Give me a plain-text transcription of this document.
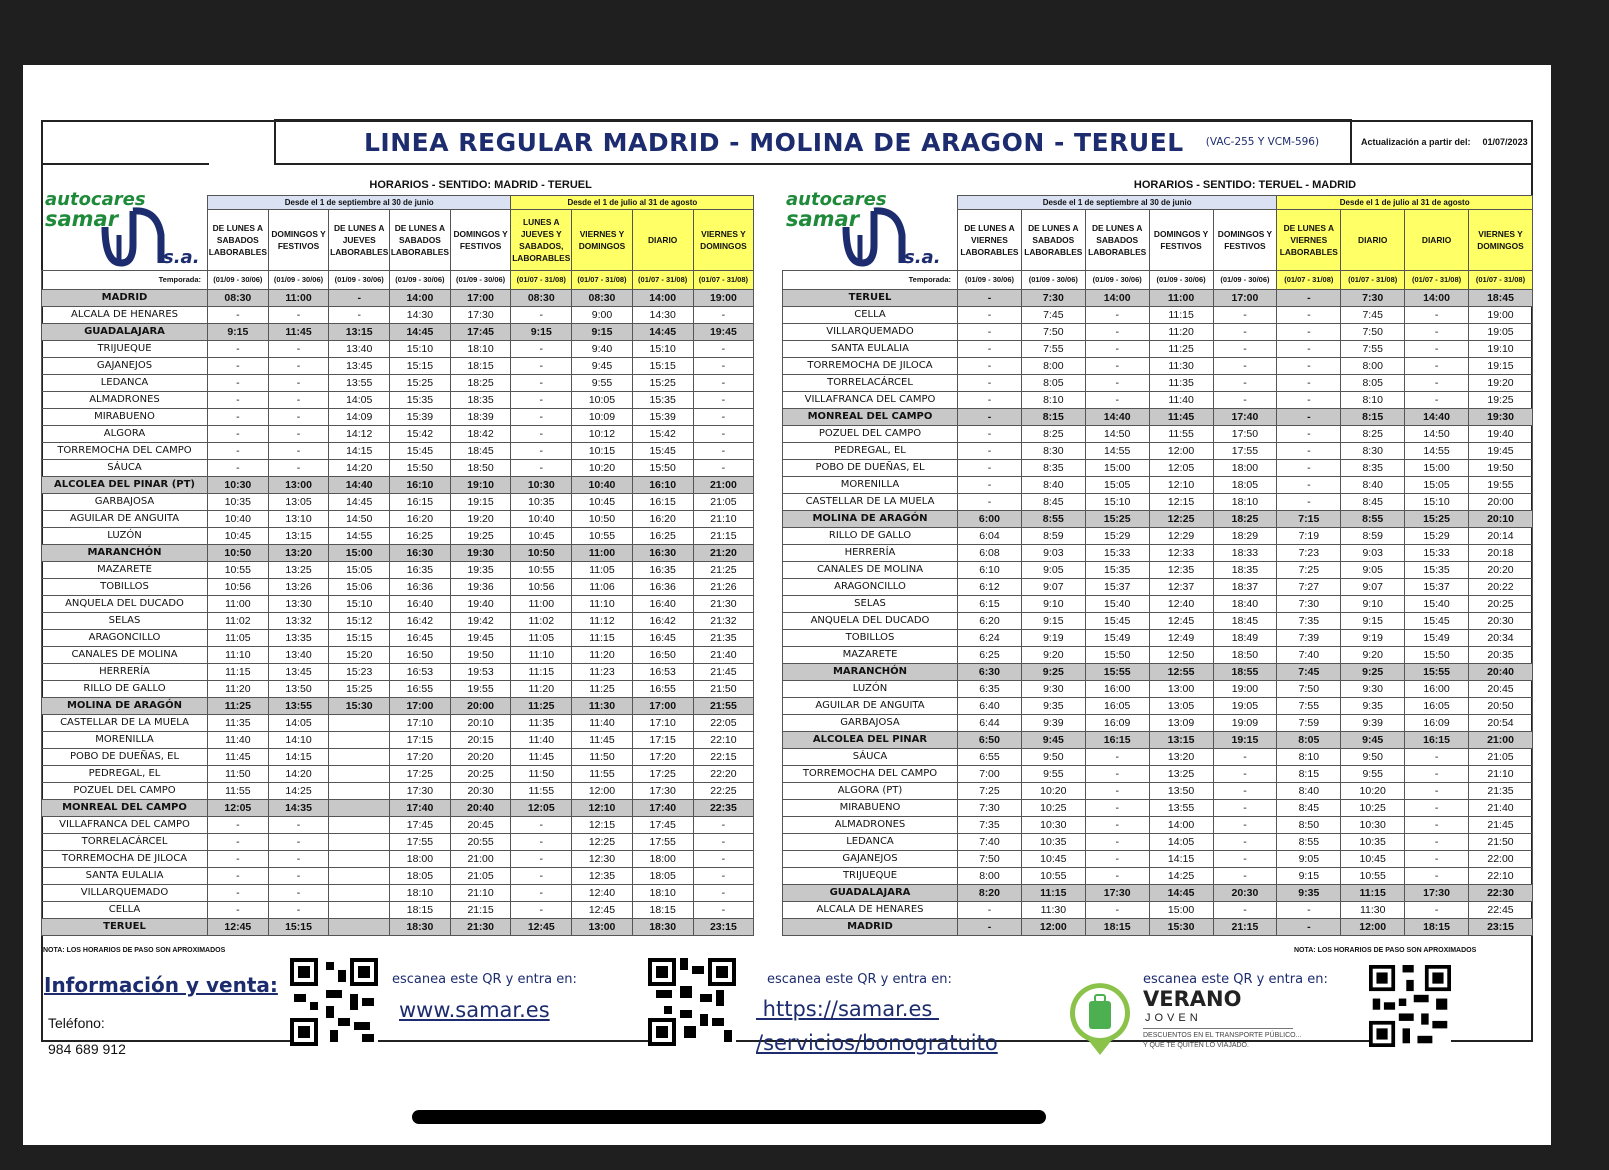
LINEA REGULAR MADRID - MOLINA DE ARAGON - TERUEL (VAC-255 Y VCM-596)	Actualización a partir del: 01/07/2023
autocares
samar
s.a.
autocares
samar
s.a.
	HORARIOS - SENTIDO: MADRID - TERUEL								
	Desde el 1 de septiembre al 30 de junio					Desde el 1 de julio al 31 de agosto			
	DE LUNES A SABADOS LABORABLES	DOMINGOS Y FESTIVOS	DE LUNES A JUEVES LABORABLES	DE LUNES A SABADOS LABORABLES	DOMINGOS Y FESTIVOS	LUNES A JUEVES Y SABADOS, LABORABLES	VIERNES Y DOMINGOS	DIARIO	VIERNES Y DOMINGOS
Temporada:	(01/09 - 30/06)	(01/09 - 30/06)	(01/09 - 30/06)	(01/09 - 30/06)	(01/09 - 30/06)	(01/07 - 31/08)	(01/07 - 31/08)	(01/07 - 31/08)	(01/07 - 31/08)
MADRID	08:30	11:00	-	14:00	17:00	08:30	08:30	14:00	19:00
ALCALA DE HENARES	-	-	-	14:30	17:30	-	9:00	14:30	-
GUADALAJARA	9:15	11:45	13:15	14:45	17:45	9:15	9:15	14:45	19:45
TRIJUEQUE	-	-	13:40	15:10	18:10	-	9:40	15:10	-
GAJANEJOS	-	-	13:45	15:15	18:15	-	9:45	15:15	-
LEDANCA	-	-	13:55	15:25	18:25	-	9:55	15:25	-
ALMADRONES	-	-	14:05	15:35	18:35	-	10:05	15:35	-
MIRABUENO	-	-	14:09	15:39	18:39	-	10:09	15:39	-
ALGORA	-	-	14:12	15:42	18:42	-	10:12	15:42	-
TORREMOCHA DEL CAMPO	-	-	14:15	15:45	18:45	-	10:15	15:45	-
SÁUCA	-	-	14:20	15:50	18:50	-	10:20	15:50	-
ALCOLEA DEL PINAR (PT)	10:30	13:00	14:40	16:10	19:10	10:30	10:40	16:10	21:00
GARBAJOSA	10:35	13:05	14:45	16:15	19:15	10:35	10:45	16:15	21:05
AGUILAR DE ANGUITA	10:40	13:10	14:50	16:20	19:20	10:40	10:50	16:20	21:10
LUZÓN	10:45	13:15	14:55	16:25	19:25	10:45	10:55	16:25	21:15
MARANCHÓN	10:50	13:20	15:00	16:30	19:30	10:50	11:00	16:30	21:20
MAZARETE	10:55	13:25	15:05	16:35	19:35	10:55	11:05	16:35	21:25
TOBILLOS	10:56	13:26	15:06	16:36	19:36	10:56	11:06	16:36	21:26
ANQUELA DEL DUCADO	11:00	13:30	15:10	16:40	19:40	11:00	11:10	16:40	21:30
SELAS	11:02	13:32	15:12	16:42	19:42	11:02	11:12	16:42	21:32
ARAGONCILLO	11:05	13:35	15:15	16:45	19:45	11:05	11:15	16:45	21:35
CANALES DE MOLINA	11:10	13:40	15:20	16:50	19:50	11:10	11:20	16:50	21:40
HERRERÍA	11:15	13:45	15:23	16:53	19:53	11:15	11:23	16:53	21:45
RILLO DE GALLO	11:20	13:50	15:25	16:55	19:55	11:20	11:25	16:55	21:50
MOLINA DE ARAGÓN	11:25	13:55	15:30	17:00	20:00	11:25	11:30	17:00	21:55
CASTELLAR DE LA MUELA	11:35	14:05		17:10	20:10	11:35	11:40	17:10	22:05
MORENILLA	11:40	14:10		17:15	20:15	11:40	11:45	17:15	22:10
POBO DE DUEÑAS, EL	11:45	14:15		17:20	20:20	11:45	11:50	17:20	22:15
PEDREGAL, EL	11:50	14:20		17:25	20:25	11:50	11:55	17:25	22:20
POZUEL DEL CAMPO	11:55	14:25		17:30	20:30	11:55	12:00	17:30	22:25
MONREAL DEL CAMPO	12:05	14:35		17:40	20:40	12:05	12:10	17:40	22:35
VILLAFRANCA DEL CAMPO	-	-		17:45	20:45	-	12:15	17:45	-
TORRELACÁRCEL	-	-		17:55	20:55	-	12:25	17:55	-
TORREMOCHA DE JILOCA	-	-		18:00	21:00	-	12:30	18:00	-
SANTA EULALIA	-	-		18:05	21:05	-	12:35	18:05	-
VILLARQUEMADO	-	-		18:10	21:10	-	12:40	18:10	-
CELLA	-	-		18:15	21:15	-	12:45	18:15	-
TERUEL	12:45	15:15		18:30	21:30	12:45	13:00	18:30	23:15
	HORARIOS - SENTIDO: TERUEL - MADRID								
	Desde el 1 de septiembre al 30 de junio					Desde el 1 de julio al 31 de agosto			
	DE LUNES A VIERNES LABORABLES	DE LUNES A SABADOS LABORABLES	DE LUNES A SABADOS LABORABLES	DOMINGOS Y FESTIVOS	DOMINGOS Y FESTIVOS	DE LUNES A VIERNES LABORABLES	DIARIO	DIARIO	VIERNES Y DOMINGOS
Temporada:	(01/09 - 30/06)	(01/09 - 30/06)	(01/09 - 30/06)	(01/09 - 30/06)	(01/09 - 30/06)	(01/07 - 31/08)	(01/07 - 31/08)	(01/07 - 31/08)	(01/07 - 31/08)
TERUEL	-	7:30	14:00	11:00	17:00	-	7:30	14:00	18:45
CELLA	-	7:45	-	11:15	-	-	7:45	-	19:00
VILLARQUEMADO	-	7:50	-	11:20	-	-	7:50	-	19:05
SANTA EULALIA	-	7:55	-	11:25	-	-	7:55	-	19:10
TORREMOCHA DE JILOCA	-	8:00	-	11:30	-	-	8:00	-	19:15
TORRELACÁRCEL	-	8:05	-	11:35	-	-	8:05	-	19:20
VILLAFRANCA DEL CAMPO	-	8:10	-	11:40	-	-	8:10	-	19:25
MONREAL DEL CAMPO	-	8:15	14:40	11:45	17:40	-	8:15	14:40	19:30
POZUEL DEL CAMPO	-	8:25	14:50	11:55	17:50	-	8:25	14:50	19:40
PEDREGAL, EL	-	8:30	14:55	12:00	17:55	-	8:30	14:55	19:45
POBO DE DUEÑAS, EL	-	8:35	15:00	12:05	18:00	-	8:35	15:00	19:50
MORENILLA	-	8:40	15:05	12:10	18:05	-	8:40	15:05	19:55
CASTELLAR DE LA MUELA	-	8:45	15:10	12:15	18:10	-	8:45	15:10	20:00
MOLINA DE ARAGÓN	6:00	8:55	15:25	12:25	18:25	7:15	8:55	15:25	20:10
RILLO DE GALLO	6:04	8:59	15:29	12:29	18:29	7:19	8:59	15:29	20:14
HERRERÍA	6:08	9:03	15:33	12:33	18:33	7:23	9:03	15:33	20:18
CANALES DE MOLINA	6:10	9:05	15:35	12:35	18:35	7:25	9:05	15:35	20:20
ARAGONCILLO	6:12	9:07	15:37	12:37	18:37	7:27	9:07	15:37	20:22
SELAS	6:15	9:10	15:40	12:40	18:40	7:30	9:10	15:40	20:25
ANQUELA DEL DUCADO	6:20	9:15	15:45	12:45	18:45	7:35	9:15	15:45	20:30
TOBILLOS	6:24	9:19	15:49	12:49	18:49	7:39	9:19	15:49	20:34
MAZARETE	6:25	9:20	15:50	12:50	18:50	7:40	9:20	15:50	20:35
MARANCHÓN	6:30	9:25	15:55	12:55	18:55	7:45	9:25	15:55	20:40
LUZÓN	6:35	9:30	16:00	13:00	19:00	7:50	9:30	16:00	20:45
AGUILAR DE ANGUITA	6:40	9:35	16:05	13:05	19:05	7:55	9:35	16:05	20:50
GARBAJOSA	6:44	9:39	16:09	13:09	19:09	7:59	9:39	16:09	20:54
ALCOLEA DEL PINAR	6:50	9:45	16:15	13:15	19:15	8:05	9:45	16:15	21:00
SÁUCA	6:55	9:50	-	13:20	-	8:10	9:50	-	21:05
TORREMOCHA DEL CAMPO	7:00	9:55	-	13:25	-	8:15	9:55	-	21:10
ALGORA (PT)	7:25	10:20	-	13:50	-	8:40	10:20	-	21:35
MIRABUENO	7:30	10:25	-	13:55	-	8:45	10:25	-	21:40
ALMADRONES	7:35	10:30	-	14:00	-	8:50	10:30	-	21:45
LEDANCA	7:40	10:35	-	14:05	-	8:55	10:35	-	21:50
GAJANEJOS	7:50	10:45	-	14:15	-	9:05	10:45	-	22:00
TRIJUEQUE	8:00	10:55	-	14:25	-	9:15	10:55	-	22:10
GUADALAJARA	8:20	11:15	17:30	14:45	20:30	9:35	11:15	17:30	22:30
ALCALA DE HENARES	-	11:30	-	15:00	-	-	11:30	-	22:45
MADRID	-	12:00	18:15	15:30	21:15	-	12:00	18:15	23:15
NOTA: LOS HORARIOS DE PASO SON APROXIMADOS	NOTA: LOS HORARIOS DE PASO SON APROXIMADOS
Información y venta:
Teléfono:
984 689 912
escanea este QR y entra en:
www.samar.es
escanea este QR y entra en:
https://samar.es
/servicios/bonogratuito
escanea este QR y entra en:
VERANO
JOVEN
DESCUENTOS EN EL TRANSPORTE PÚBLICO...
Y QUE TE QUITEN LO VIAJADO.
